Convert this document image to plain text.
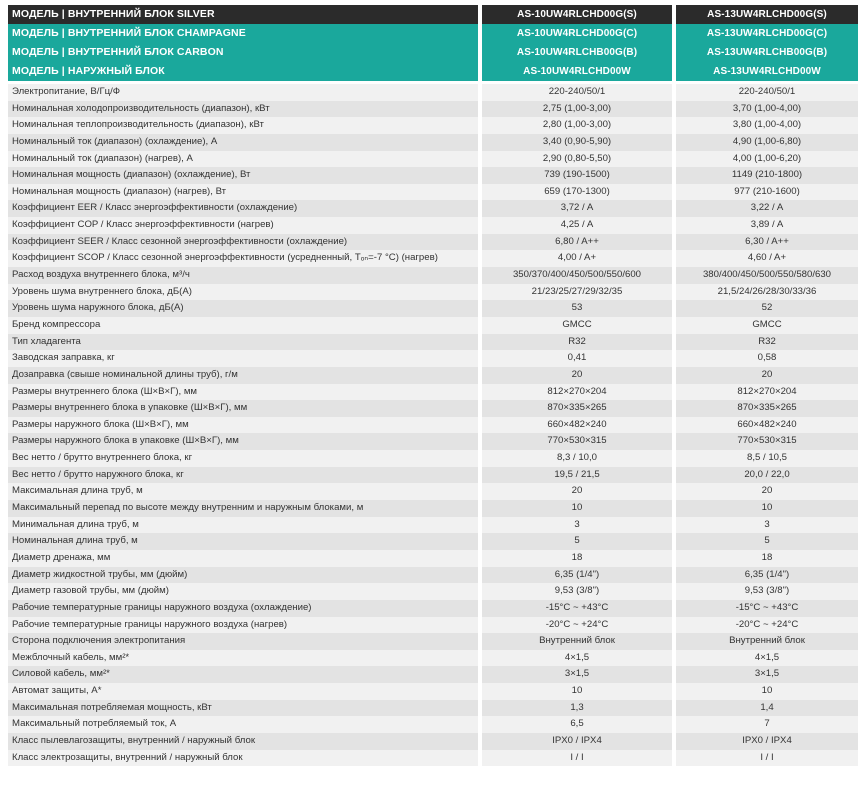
МОДЕЛЬ | ВНУТРЕННИЙ БЛОК SILVER	AS-10UW4RLCHD00G(S)	AS-13UW4RLCHD00G(S)
МОДЕЛЬ | ВНУТРЕННИЙ БЛОК CHAMPAGNE	AS-10UW4RLCHD00G(C)	AS-13UW4RLCHD00G(C)
МОДЕЛЬ | ВНУТРЕННИЙ БЛОК CARBON	AS-10UW4RLCHB00G(B)	AS-13UW4RLCHB00G(B)
МОДЕЛЬ | НАРУЖНЫЙ БЛОК	AS-10UW4RLCHD00W	AS-13UW4RLCHD00W
Электропитание, В/Гц/Ф	220-240/50/1	220-240/50/1
Номинальная холодопроизводительность (диапазон), кВт	2,75 (1,00-3,00)	3,70 (1,00-4,00)
Номинальная теплопроизводительность (диапазон), кВт	2,80 (1,00-3,00)	3,80 (1,00-4,00)
Номинальный ток (диапазон) (охлаждение), А	3,40 (0,90-5,90)	4,90 (1,00-6,80)
Номинальный ток (диапазон) (нагрев), А	2,90 (0,80-5,50)	4,00 (1,00-6,20)
Номинальная мощность (диапазон) (охлаждение), Вт	739 (190-1500)	1149 (210-1800)
Номинальная мощность (диапазон) (нагрев), Вт	659 (170-1300)	977 (210-1600)
Коэффициент EER / Класс энергоэффективности (охлаждение)	3,72 / A	3,22 / A
Коэффициент COP / Класс энергоэффективности (нагрев)	4,25 / A	3,89 / A
Коэффициент SEER / Класс сезонной энергоэффективности (охлаждение)	6,80 / A++	6,30 / A++
Коэффициент SCOP / Класс сезонной энергоэффективности (усредненный, Tₒₙ=-7 °C) (нагрев)	4,00 / A+	4,60 / A+
Расход воздуха внутреннего блока, м³/ч	350/370/400/450/500/550/600	380/400/450/500/550/580/630
Уровень шума внутреннего блока, дБ(А)	21/23/25/27/29/32/35	21,5/24/26/28/30/33/36
Уровень шума наружного блока, дБ(А)	53	52
Бренд компрессора	GMCC	GMCC
Тип хладагента	R32	R32
Заводская заправка, кг	0,41	0,58
Дозаправка (свыше номинальной длины труб), г/м	20	20
Размеры внутреннего блока (Ш×В×Г), мм	812×270×204	812×270×204
Размеры внутреннего блока в упаковке (Ш×В×Г), мм	870×335×265	870×335×265
Размеры наружного блока (Ш×В×Г), мм	660×482×240	660×482×240
Размеры наружного блока в упаковке (Ш×В×Г), мм	770×530×315	770×530×315
Вес нетто / брутто внутреннего блока, кг	8,3 / 10,0	8,5 / 10,5
Вес нетто / брутто наружного блока, кг	19,5 / 21,5	20,0 / 22,0
Максимальная длина труб, м	20	20
Максимальный перепад по высоте между внутренним и наружным блоками, м	10	10
Минимальная длина труб, м	3	3
Номинальная длина труб, м	5	5
Диаметр дренажа, мм	18	18
Диаметр жидкостной трубы, мм (дюйм)	6,35 (1/4")	6,35 (1/4")
Диаметр газовой трубы, мм (дюйм)	9,53 (3/8")	9,53 (3/8")
Рабочие температурные границы наружного воздуха (охлаждение)	-15°C ~ +43°C	-15°C ~ +43°C
Рабочие температурные границы наружного воздуха (нагрев)	-20°C ~ +24°C	-20°C ~ +24°C
Сторона подключения электропитания	Внутренний блок	Внутренний блок
Межблочный кабель, мм²*	4×1,5	4×1,5
Силовой кабель, мм²*	3×1,5	3×1,5
Автомат защиты, А*	10	10
Максимальная потребляемая мощность, кВт	1,3	1,4
Максимальный потребляемый ток, А	6,5	7
Класс пылевлагозащиты, внутренний / наружный блок	IPX0 / IPX4	IPX0 / IPX4
Класс электрозащиты, внутренний / наружный блок	I / I	I / I
